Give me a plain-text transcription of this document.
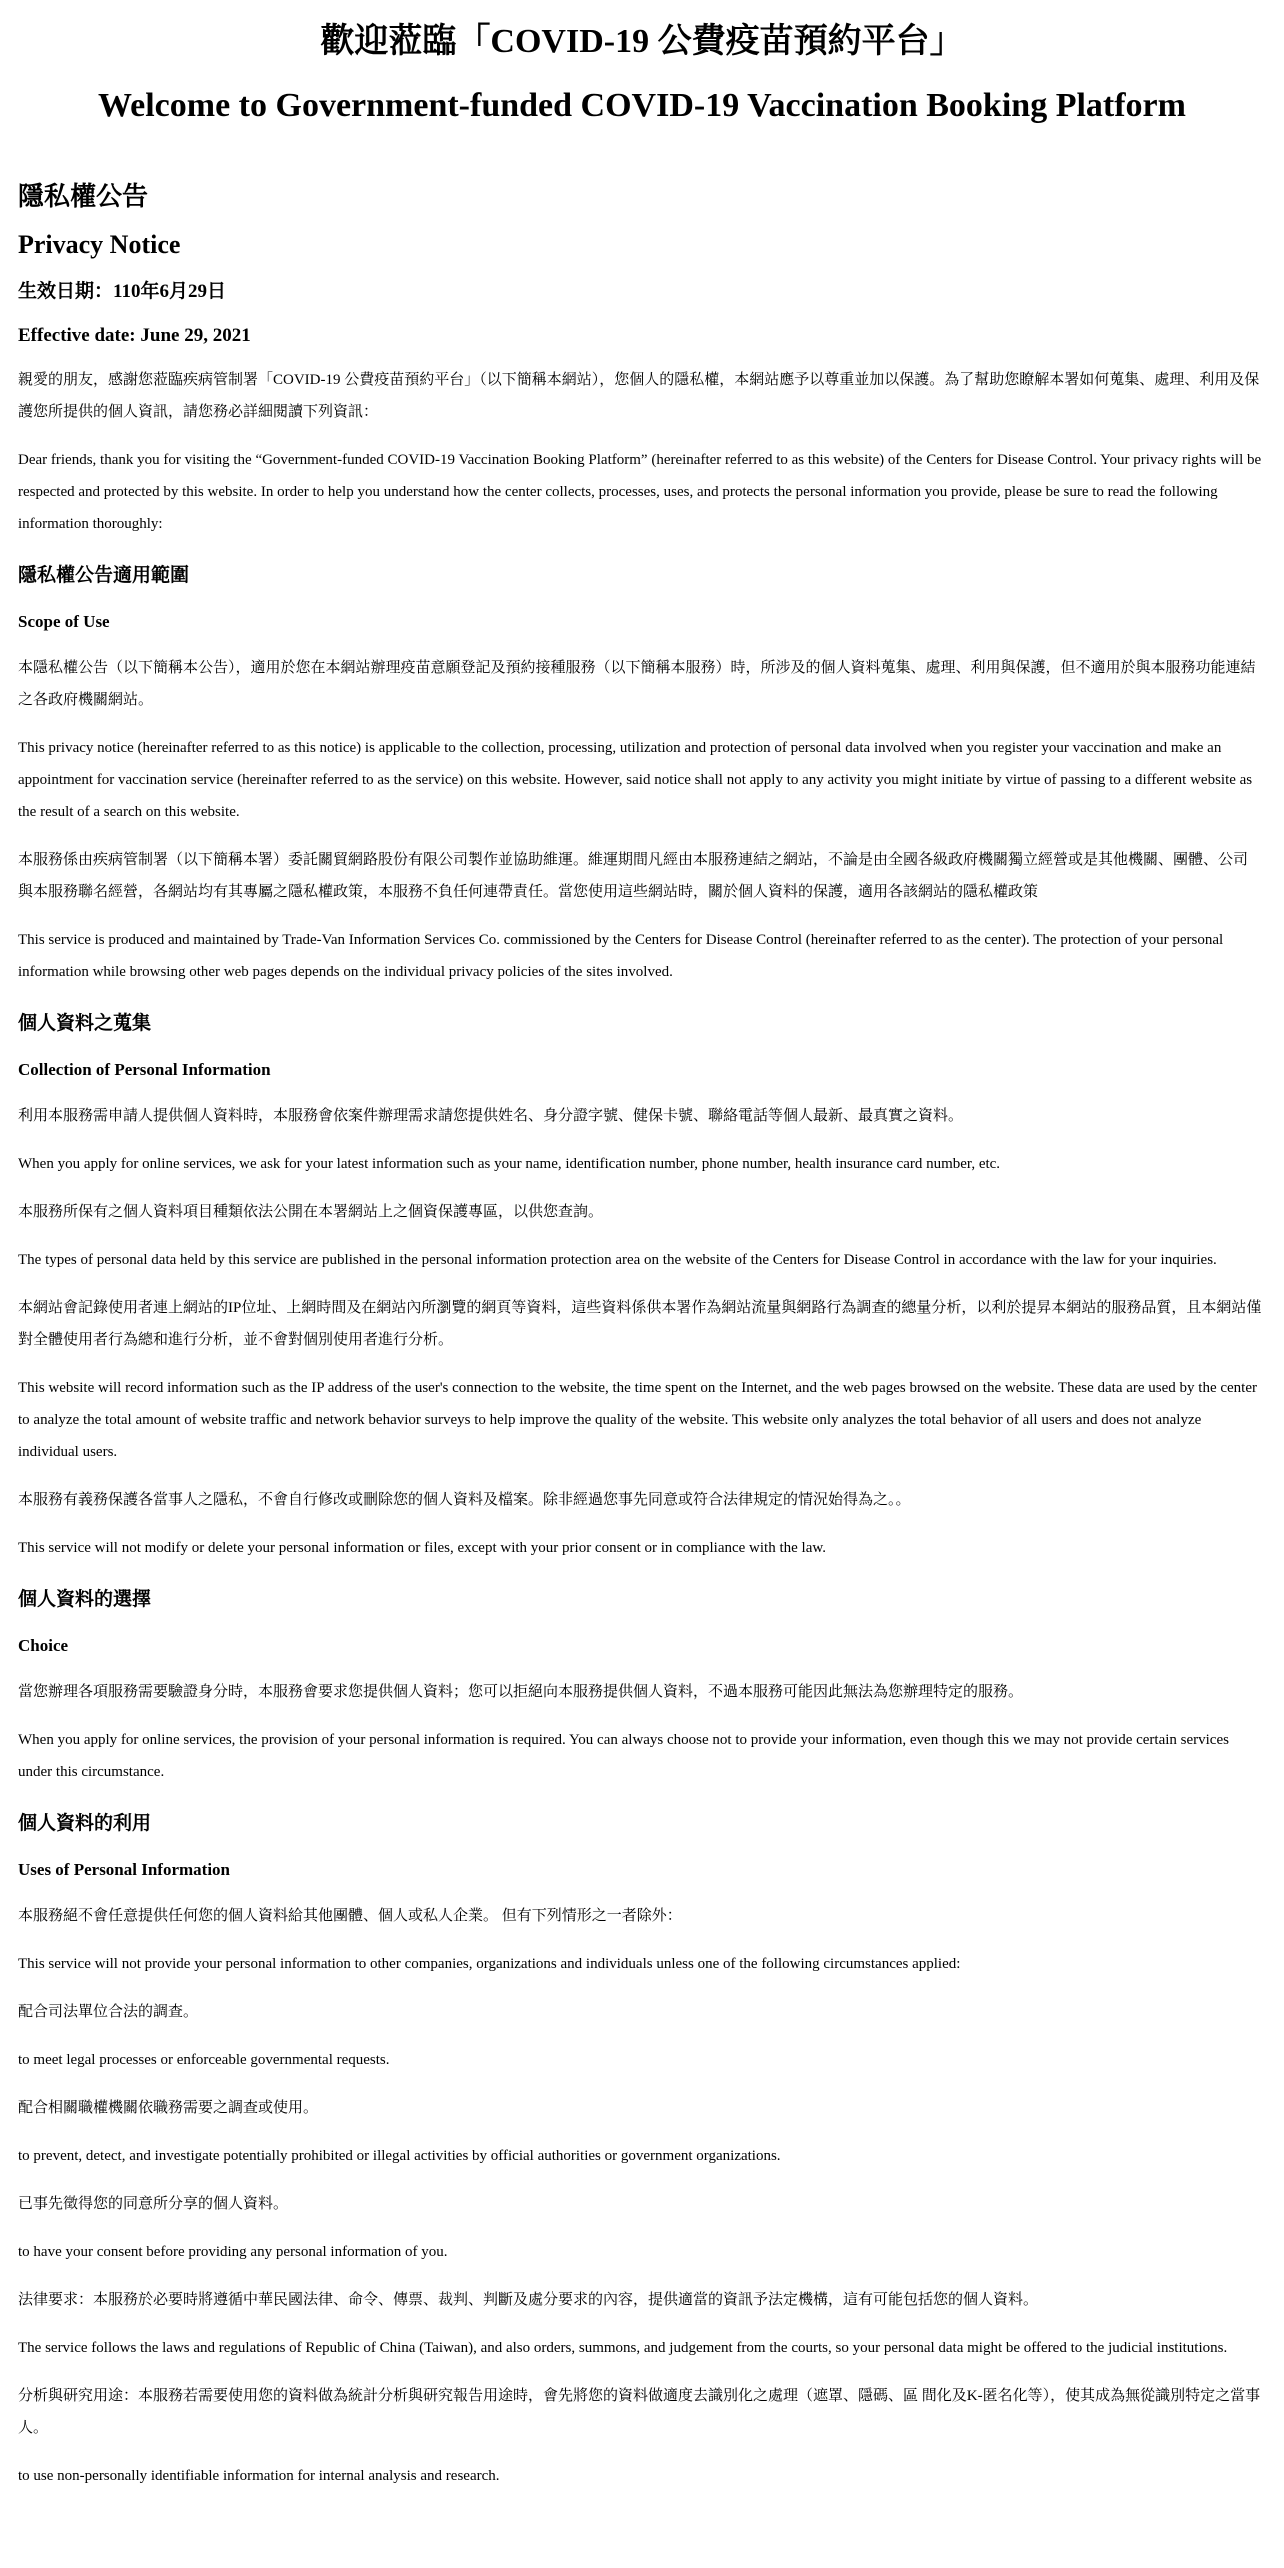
歡迎蒞臨「COVID-19 公費疫苗預約平台」
Welcome to Government-funded COVID-19 Vaccination Booking Platform
隱私權公告
Privacy Notice
生效日期：110年6月29日
Effective date: June 29, 2021

親愛的朋友，感謝您蒞臨疾病管制署「COVID-19 公費疫苗預約平台」（以下簡稱本網站），您個人的隱私權，本網站應予以尊重並加以保護。為了幫助您瞭解本署如何蒐集、處理、利用及保護您所提供的個人資訊，請您務必詳細閱讀下列資訊：

Dear friends, thank you for visiting the “Government-funded COVID-19 Vaccination Booking Platform” (hereinafter referred to as this website) of the Centers for Disease Control. Your privacy rights will be respected and protected by this website. In order to help you understand how the center collects, processes, uses, and protects the personal information you provide, please be sure to read the following information thoroughly:

隱私權公告適用範圍
Scope of Use

本隱私權公告（以下簡稱本公告），適用於您在本網站辦理疫苗意願登記及預約接種服務（以下簡稱本服務）時，所涉及的個人資料蒐集、處理、利用與保護，但不適用於與本服務功能連結之各政府機關網站。

This privacy notice (hereinafter referred to as this notice) is applicable to the collection, processing, utilization and protection of personal data involved when you register your vaccination and make an appointment for vaccination service (hereinafter referred to as the service) on this website. However, said notice shall not apply to any activity you might initiate by virtue of passing to a different website as the result of a search on this website.

本服務係由疾病管制署（以下簡稱本署）委託關貿網路股份有限公司製作並協助維運。維運期間凡經由本服務連結之網站，不論是由全國各級政府機關獨立經營或是其他機關、團體、公司與本服務聯名經營，各網站均有其專屬之隱私權政策，本服務不負任何連帶責任。當您使用這些網站時，關於個人資料的保護，適用各該網站的隱私權政策

This service is produced and maintained by Trade-Van Information Services Co. commissioned by the Centers for Disease Control (hereinafter referred to as the center). The protection of your personal information while browsing other web pages depends on the individual privacy policies of the sites involved.

個人資料之蒐集
Collection of Personal Information

利用本服務需申請人提供個人資料時，本服務會依案件辦理需求請您提供姓名、身分證字號、健保卡號、聯絡電話等個人最新、最真實之資料。

When you apply for online services, we ask for your latest information such as your name, identification number, phone number, health insurance card number, etc.

本服務所保有之個人資料項目種類依法公開在本署網站上之個資保護專區，以供您查詢。

The types of personal data held by this service are published in the personal information protection area on the website of the Centers for Disease Control in accordance with the law for your inquiries.

本網站會記錄使用者連上網站的IP位址、上網時間及在網站內所瀏覽的網頁等資料，這些資料係供本署作為網站流量與網路行為調查的總量分析，以利於提昇本網站的服務品質，且本網站僅對全體使用者行為總和進行分析，並不會對個別使用者進行分析。

This website will record information such as the IP address of the user's connection to the website, the time spent on the Internet, and the web pages browsed on the website. These data are used by the center to analyze the total amount of website traffic and network behavior surveys to help improve the quality of the website. This website only analyzes the total behavior of all users and does not analyze individual users.

本服務有義務保護各當事人之隱私，不會自行修改或刪除您的個人資料及檔案。除非經過您事先同意或符合法律規定的情況始得為之。。

This service will not modify or delete your personal information or files, except with your prior consent or in compliance with the law.

個人資料的選擇
Choice

當您辦理各項服務需要驗證身分時，本服務會要求您提供個人資料；您可以拒絕向本服務提供個人資料，不過本服務可能因此無法為您辦理特定的服務。

When you apply for online services, the provision of your personal information is required. You can always choose not to provide your information, even though this we may not provide certain services under this circumstance.

個人資料的利用
Uses of Personal Information

本服務絕不會任意提供任何您的個人資料給其他團體、個人或私人企業。 但有下列情形之一者除外：

This service will not provide your personal information to other companies, organizations and individuals unless one of the following circumstances applied:

配合司法單位合法的調查。

to meet legal processes or enforceable governmental requests.

配合相關職權機關依職務需要之調查或使用。

to prevent, detect, and investigate potentially prohibited or illegal activities by official authorities or government organizations.

已事先徵得您的同意所分享的個人資料。

to have your consent before providing any personal information of you.

法律要求：本服務於必要時將遵循中華民國法律、命令、傳票、裁判、判斷及處分要求的內容，提供適當的資訊予法定機構，這有可能包括您的個人資料。

The service follows the laws and regulations of Republic of China (Taiwan), and also orders, summons, and judgement from the courts, so your personal data might be offered to the judicial institutions.

分析與研究用途：本服務若需要使用您的資料做為統計分析與研究報告用途時，會先將您的資料做適度去識別化之處理（遮罩、隱碼、區 間化及K-匿名化等），使其成為無從識別特定之當事人。

to use non-personally identifiable information for internal analysis and research.
